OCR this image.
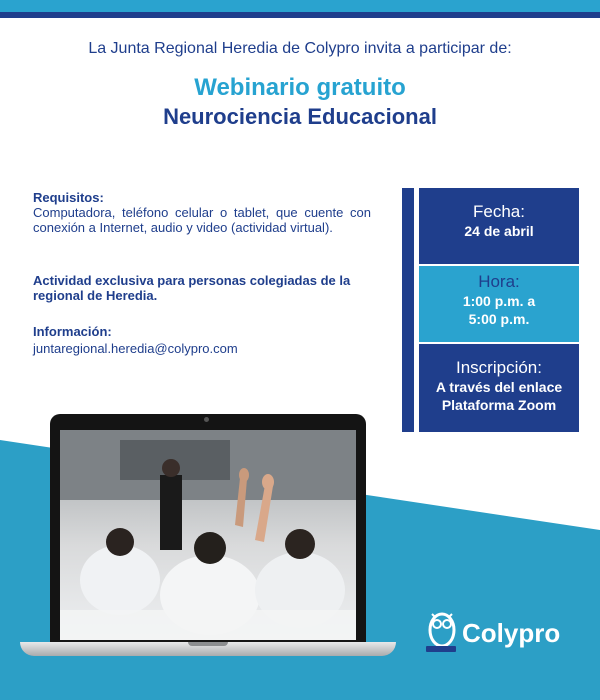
La Junta Regional Heredia de Colypro invita a participar de:
Webinario gratuito
Neurociencia Educacional
Requisitos:
Computadora, teléfono celular o tablet, que cuente con conexión a Internet, audio y video (actividad virtual).
Actividad exclusiva para personas colegiadas de la regional de Heredia.
Información:
juntaregional.heredia@colypro.com
Fecha:
24 de abril
Hora:
1:00 p.m. a
5:00 p.m.
Inscripción:
A través del enlace
Plataforma Zoom
Colypro
